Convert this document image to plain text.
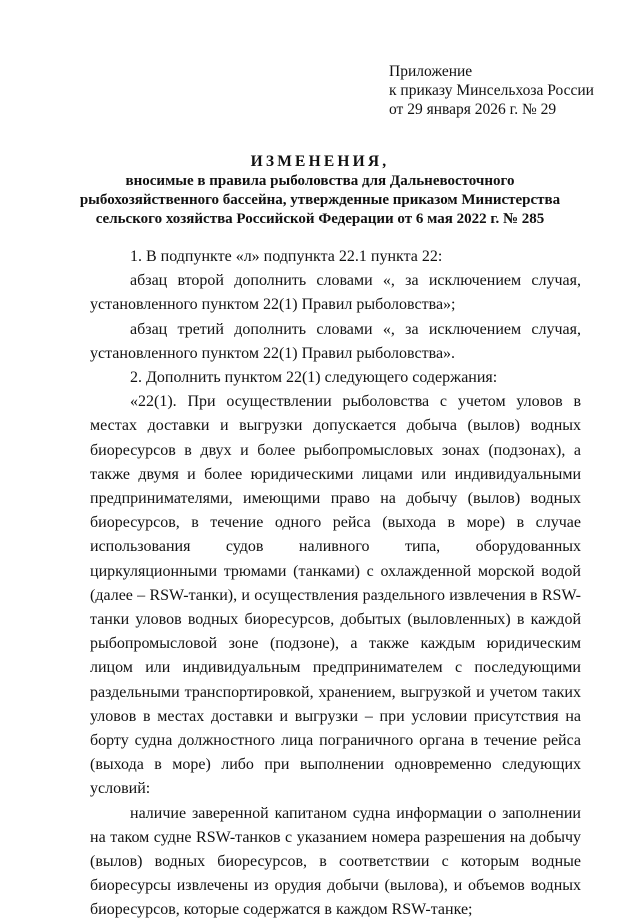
Приложение
к приказу Минсельхоза России
от 29 января 2026 г. № 29
ИЗМЕНЕНИЯ,
вносимые в правила рыболовства для Дальневосточного
рыбохозяйственного бассейна, утвержденные приказом Министерства
сельского хозяйства Российской Федерации от 6 мая 2022 г. № 285

1. В подпункте «л» подпункта 22.1 пункта 22:

абзац второй дополнить словами «, за исключением случая, установленного пунктом 22(1) Правил рыболовства»;

абзац третий дополнить словами «, за исключением случая, установленного пунктом 22(1) Правил рыболовства».

2. Дополнить пунктом 22(1) следующего содержания:

«22(1). При осуществлении рыболовства с учетом уловов в местах доставки и выгрузки допускается добыча (вылов) водных биоресурсов в двух и более рыбопромысловых зонах (подзонах), а также двумя и более юридическими лицами или индивидуальными предпринимателями, имеющими право на добычу (вылов) водных биоресурсов, в течение одного рейса (выхода в море) в случае использования судов наливного типа, оборудованных циркуляционными трюмами (танками) с охлажденной морской водой (далее – RSW-танки), и осуществления раздельного извлечения в RSW-танки уловов водных биоресурсов, добытых (выловленных) в каждой рыбопромысловой зоне (подзоне), а также каждым юридическим лицом или индивидуальным предпринимателем с последующими раздельными транспортировкой, хранением, выгрузкой и учетом таких уловов в местах доставки и выгрузки – при условии присутствия на борту судна должностного лица пограничного органа в течение рейса (выхода в море) либо при выполнении одновременно следующих условий:

наличие заверенной капитаном судна информации о заполнении на таком судне RSW-танков с указанием номера разрешения на добычу (вылов) водных биоресурсов, в соответствии с которым водные биоресурсы извлечены из орудия добычи (вылова), и объемов водных биоресурсов, которые содержатся в каждом RSW-танке;
